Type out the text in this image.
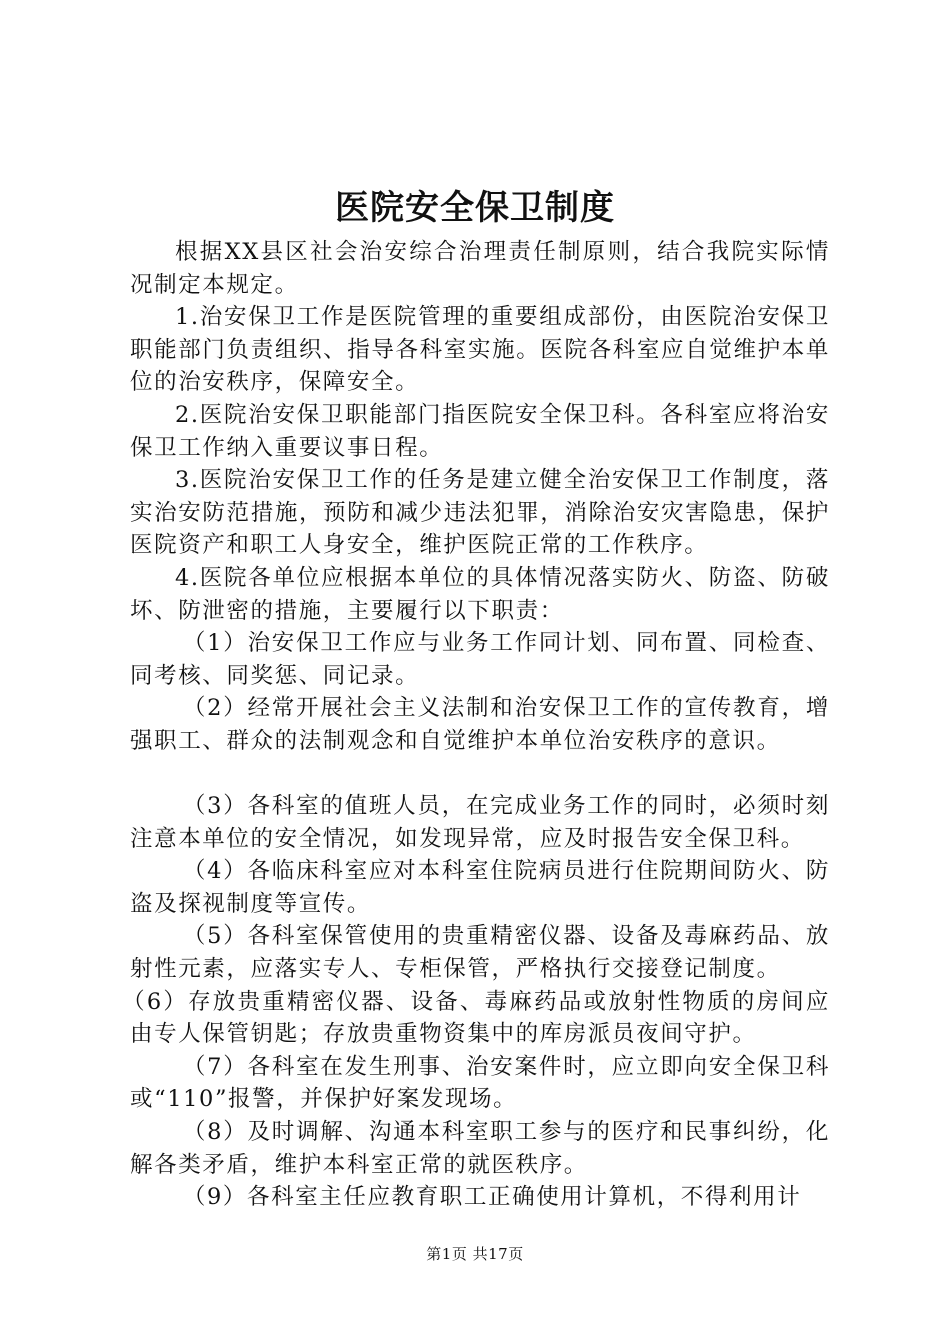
医院安全保卫制度

根据XX县区社会治安综合治理责任制原则，结合我院实际情况制定本规定。

1.治安保卫工作是医院管理的重要组成部份，由医院治安保卫职能部门负责组织、指导各科室实施。医院各科室应自觉维护本单位的治安秩序，保障安全。

2.医院治安保卫职能部门指医院安全保卫科。各科室应将治安保卫工作纳入重要议事日程。

3.医院治安保卫工作的任务是建立健全治安保卫工作制度，落实治安防范措施，预防和减少违法犯罪，消除治安灾害隐患，保护医院资产和职工人身安全，维护医院正常的工作秩序。

4.医院各单位应根据本单位的具体情况落实防火、防盗、防破坏、防泄密的措施，主要履行以下职责：

（1）治安保卫工作应与业务工作同计划、同布置、同检查、同考核、同奖惩、同记录。

（2）经常开展社会主义法制和治安保卫工作的宣传教育，增强职工、群众的法制观念和自觉维护本单位治安秩序的意识。

（3）各科室的值班人员，在完成业务工作的同时，必须时刻注意本单位的安全情况，如发现异常，应及时报告安全保卫科。

（4）各临床科室应对本科室住院病员进行住院期间防火、防盗及探视制度等宣传。

（5）各科室保管使用的贵重精密仪器、设备及毒麻药品、放射性元素，应落实专人、专柜保管，严格执行交接登记制度。

（6）存放贵重精密仪器、设备、毒麻药品或放射性物质的房间应由专人保管钥匙；存放贵重物资集中的库房派员夜间守护。

（7）各科室在发生刑事、治安案件时，应立即向安全保卫科或“110”报警，并保护好案发现场。

（8）及时调解、沟通本科室职工参与的医疗和民事纠纷，化解各类矛盾，维护本科室正常的就医秩序。

（9）各科室主任应教育职工正确使用计算机，不得利用计

第1页 共17页
